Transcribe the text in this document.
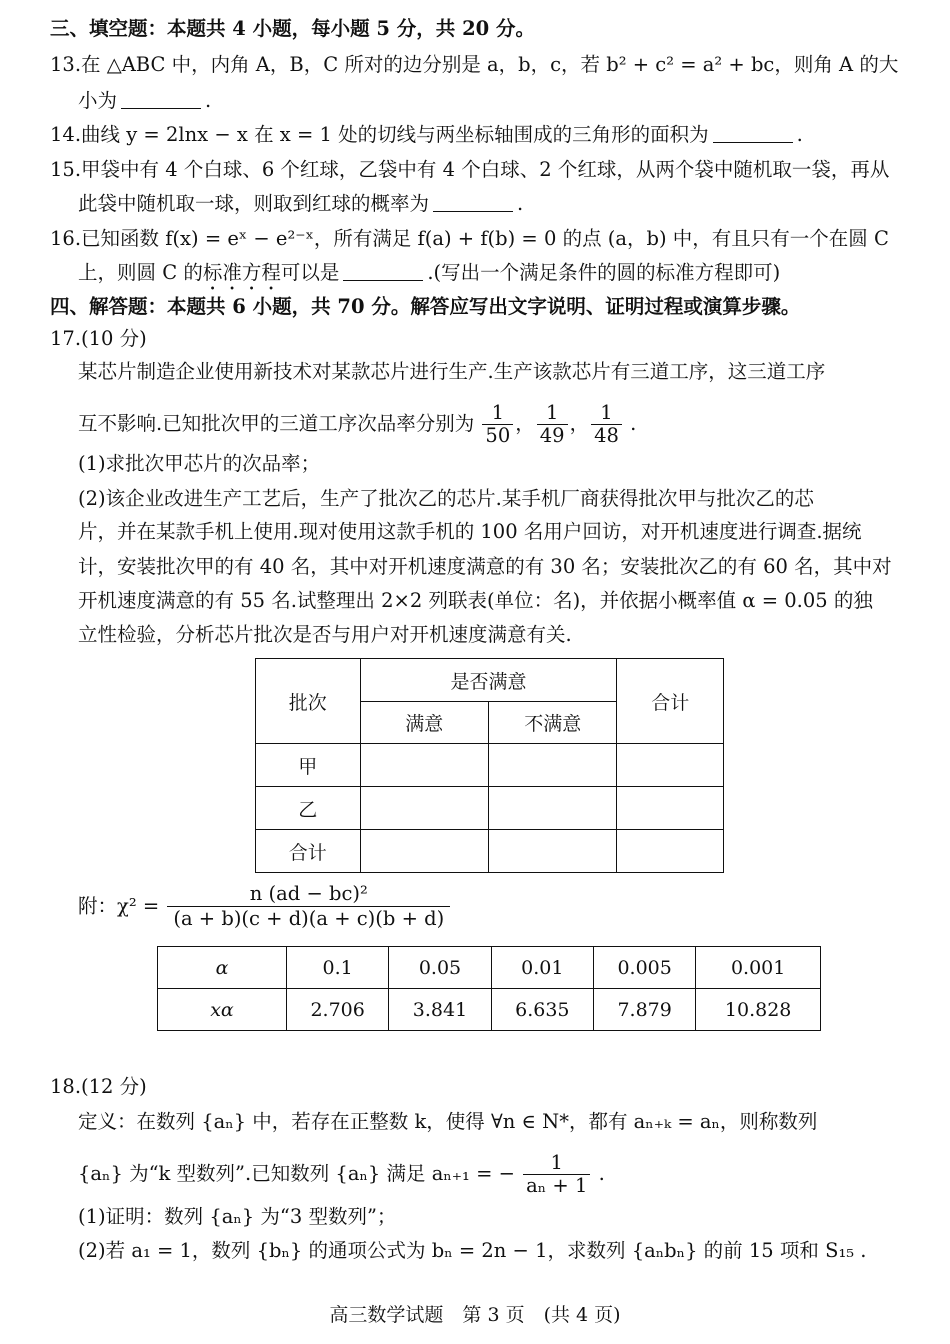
三、填空题：本题共 4 小题，每小题 5 分，共 20 分。
13.在 △ABC 中，内角 A，B，C 所对的边分别是 a，b，c，若 b² + c² = a² + bc，则角 A 的大
小为	.
14.曲线 y = 2lnx − x 在 x = 1 处的切线与两坐标轴围成的三角形的面积为	.
15.甲袋中有 4 个白球、6 个红球，乙袋中有 4 个白球、2 个红球，从两个袋中随机取一袋，再从
此袋中随机取一球，则取到红球的概率为	.
16.已知函数 f(x) = eˣ − e²⁻ˣ，所有满足 f(a) + f(b) = 0 的点 (a，b) 中，有且只有一个在圆 C
上，则圆 C 的标准方程可以是	.(写出一个满足条件的圆的标准方程即可)
四、解答题：本题共 6 小题，共 70 分。解答应写出文字说明、证明过程或演算步骤。
17.(10 分)
某芯片制造企业使用新技术对某款芯片进行生产.生产该款芯片有三道工序，这三道工序
互不影响.已知批次甲的三道工序次品率分别为 $\frac{1}{50}$ ， $\frac{1}{49}$ ， $\frac{1}{48}$ .
(1)求批次甲芯片的次品率；
(2)该企业改进生产工艺后，生产了批次乙的芯片.某手机厂商获得批次甲与批次乙的芯
片，并在某款手机上使用.现对使用这款手机的 100 名用户回访，对开机速度进行调查.据统
计，安装批次甲的有 40 名，其中对开机速度满意的有 30 名；安装批次乙的有 60 名，其中对
开机速度满意的有 55 名.试整理出 2×2 列联表(单位：名)，并依据小概率值 α = 0.05 的独
立性检验，分析芯片批次是否与用户对开机速度满意有关.
批次	是否满意		合计
	满意	不满意	
甲			
乙			
合计			
附：$\chi^2 = \frac{\text{n (ad − bc)²}}{(a + b)(c + d)(a + c)(b + d)}$
α	0.1	0.05	0.01	0.005	0.001
xα	2.706	3.841	6.635	7.879	10.828
18.(12 分)
定义：在数列 {aₙ} 中，若存在正整数 k，使得 ∀n ∈ N*，都有 aₙ₊ₖ = aₙ，则称数列
{aₙ} 为“k 型数列”.已知数列 {aₙ} 满足 aₙ₊₁ = − $\frac{1}{\text{aₙ + 1}}$ .
(1)证明：数列 {aₙ} 为“3 型数列”；
(2)若 a₁ = 1，数列 {bₙ} 的通项公式为 bₙ = 2n − 1，求数列 {aₙbₙ} 的前 15 项和 S₁₅ .
高三数学试题　第 3 页　(共 4 页)
